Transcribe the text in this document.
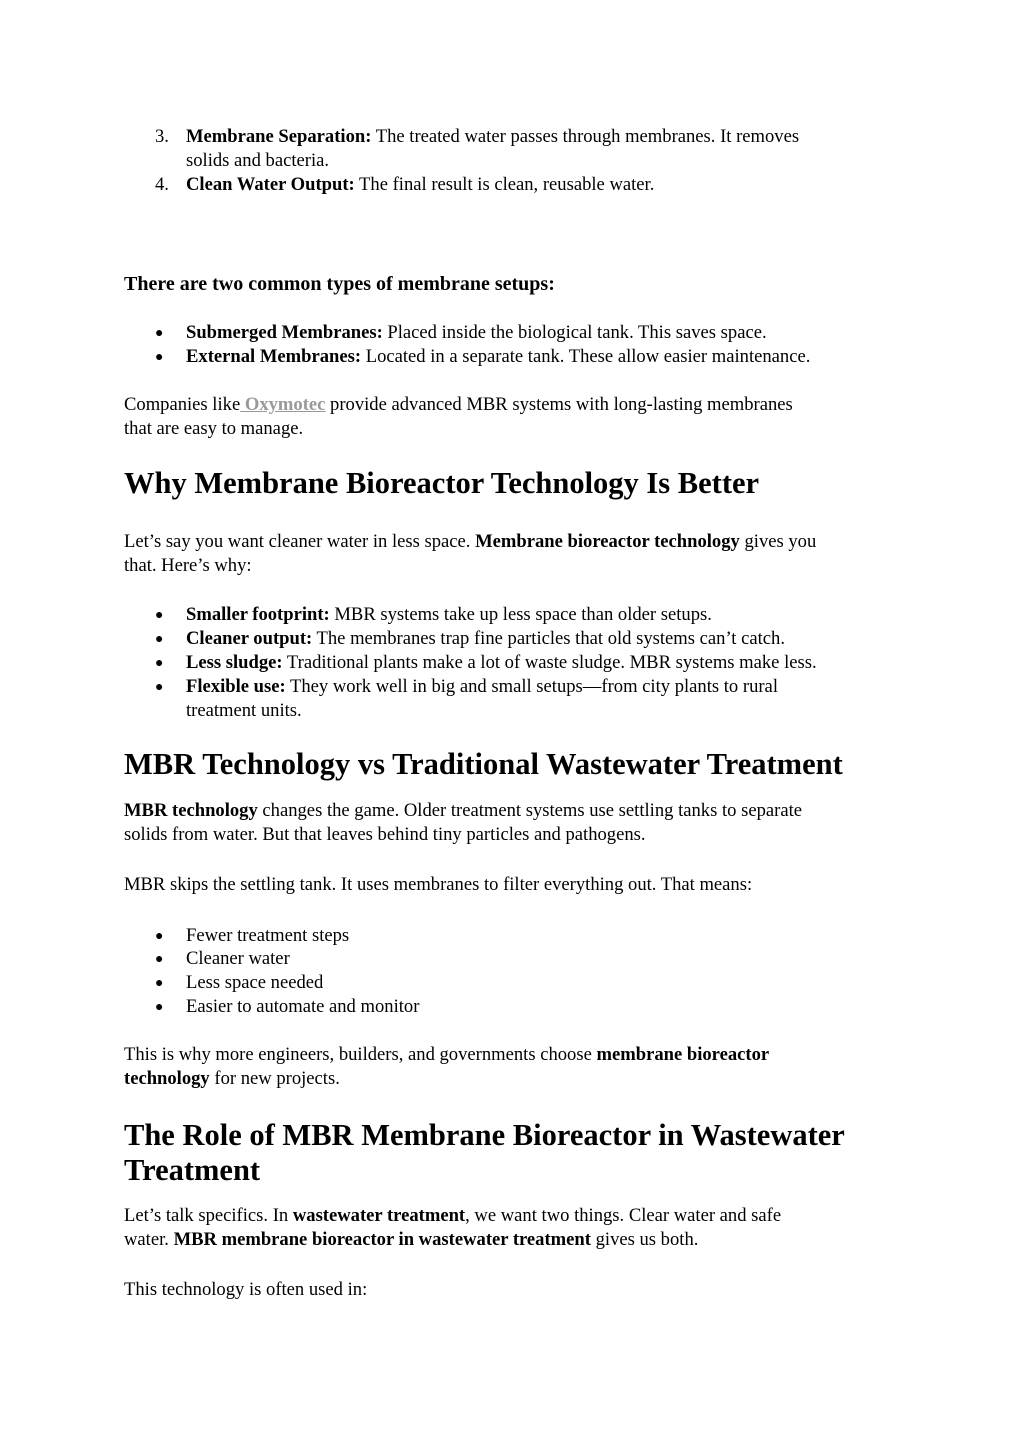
3. Membrane Separation: The treated water passes through membranes. It removes
solids and bacteria.
4. Clean Water Output: The final result is clean, reusable water.
There are two common types of membrane setups:
● Submerged Membranes: Placed inside the biological tank. This saves space.
● External Membranes: Located in a separate tank. These allow easier maintenance.
Companies like Oxymotec provide advanced MBR systems with long-lasting membranes
that are easy to manage.
Why Membrane Bioreactor Technology Is Better
Let’s say you want cleaner water in less space. Membrane bioreactor technology gives you
that. Here’s why:
● Smaller footprint: MBR systems take up less space than older setups.
● Cleaner output: The membranes trap fine particles that old systems can’t catch.
● Less sludge: Traditional plants make a lot of waste sludge. MBR systems make less.
● Flexible use: They work well in big and small setups—from city plants to rural
treatment units.
MBR Technology vs Traditional Wastewater Treatment
MBR technology changes the game. Older treatment systems use settling tanks to separate
solids from water. But that leaves behind tiny particles and pathogens.
MBR skips the settling tank. It uses membranes to filter everything out. That means:
● Fewer treatment steps
● Cleaner water
● Less space needed
● Easier to automate and monitor
This is why more engineers, builders, and governments choose membrane bioreactor
technology for new projects.
The Role of MBR Membrane Bioreactor in Wastewater
Treatment
Let’s talk specifics. In wastewater treatment, we want two things. Clear water and safe
water. MBR membrane bioreactor in wastewater treatment gives us both.
This technology is often used in:
